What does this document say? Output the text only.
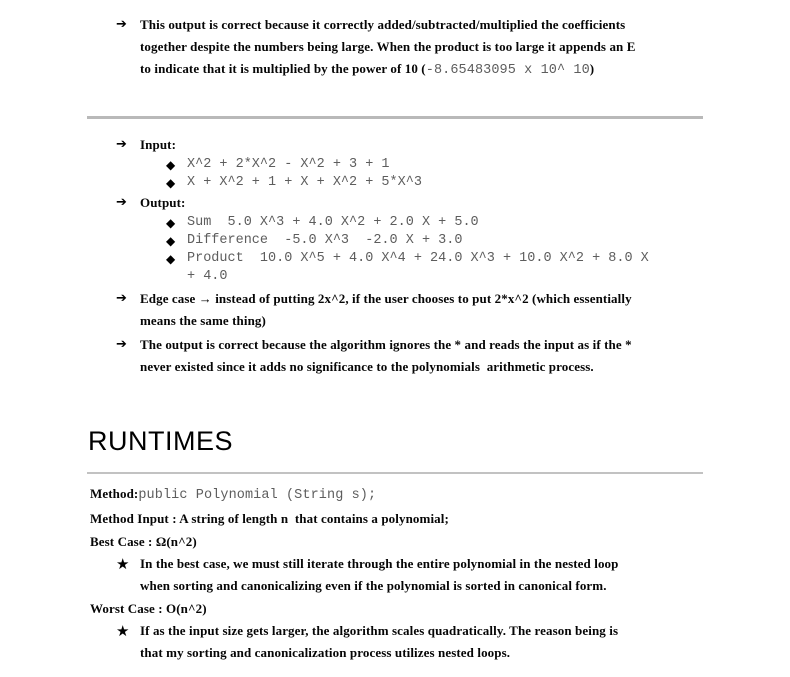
➔	This output is correct because it correctly added/subtracted/multiplied the coefficients
together despite the numbers being large. When the product is too large it appends an E
to indicate that it is multiplied by the power of 10 (-8.65483095 x 10^ 10)
➔	Input:
◆ X^2 + 2*X^2 - X^2 + 3 + 1
◆ X + X^2 + 1 + X + X^2 + 5*X^3
➔	Output:
◆ Sum  5.0 X^3 + 4.0 X^2 + 2.0 X + 5.0
◆ Difference  -5.0 X^3  -2.0 X + 3.0
◆ Product  10.0 X^5 + 4.0 X^4 + 24.0 X^3 + 10.0 X^2 + 8.0 X
+ 4.0
➔	Edge case → instead of putting 2x^2, if the user chooses to put 2*x^2 (which essentially
means the same thing)
➔	The output is correct because the algorithm ignores the * and reads the input as if the *
never existed since it adds no significance to the polynomials  arithmetic process.
RUNTIMES
Method:public Polynomial (String s);
Method Input : A string of length n  that contains a polynomial;
Best Case : Ω(n^2)
★ In the best case, we must still iterate through the entire polynomial in the nested loop
when sorting and canonicalizing even if the polynomial is sorted in canonical form.
Worst Case : O(n^2)
★ If as the input size gets larger, the algorithm scales quadratically. The reason being is
that my sorting and canonicalization process utilizes nested loops.
